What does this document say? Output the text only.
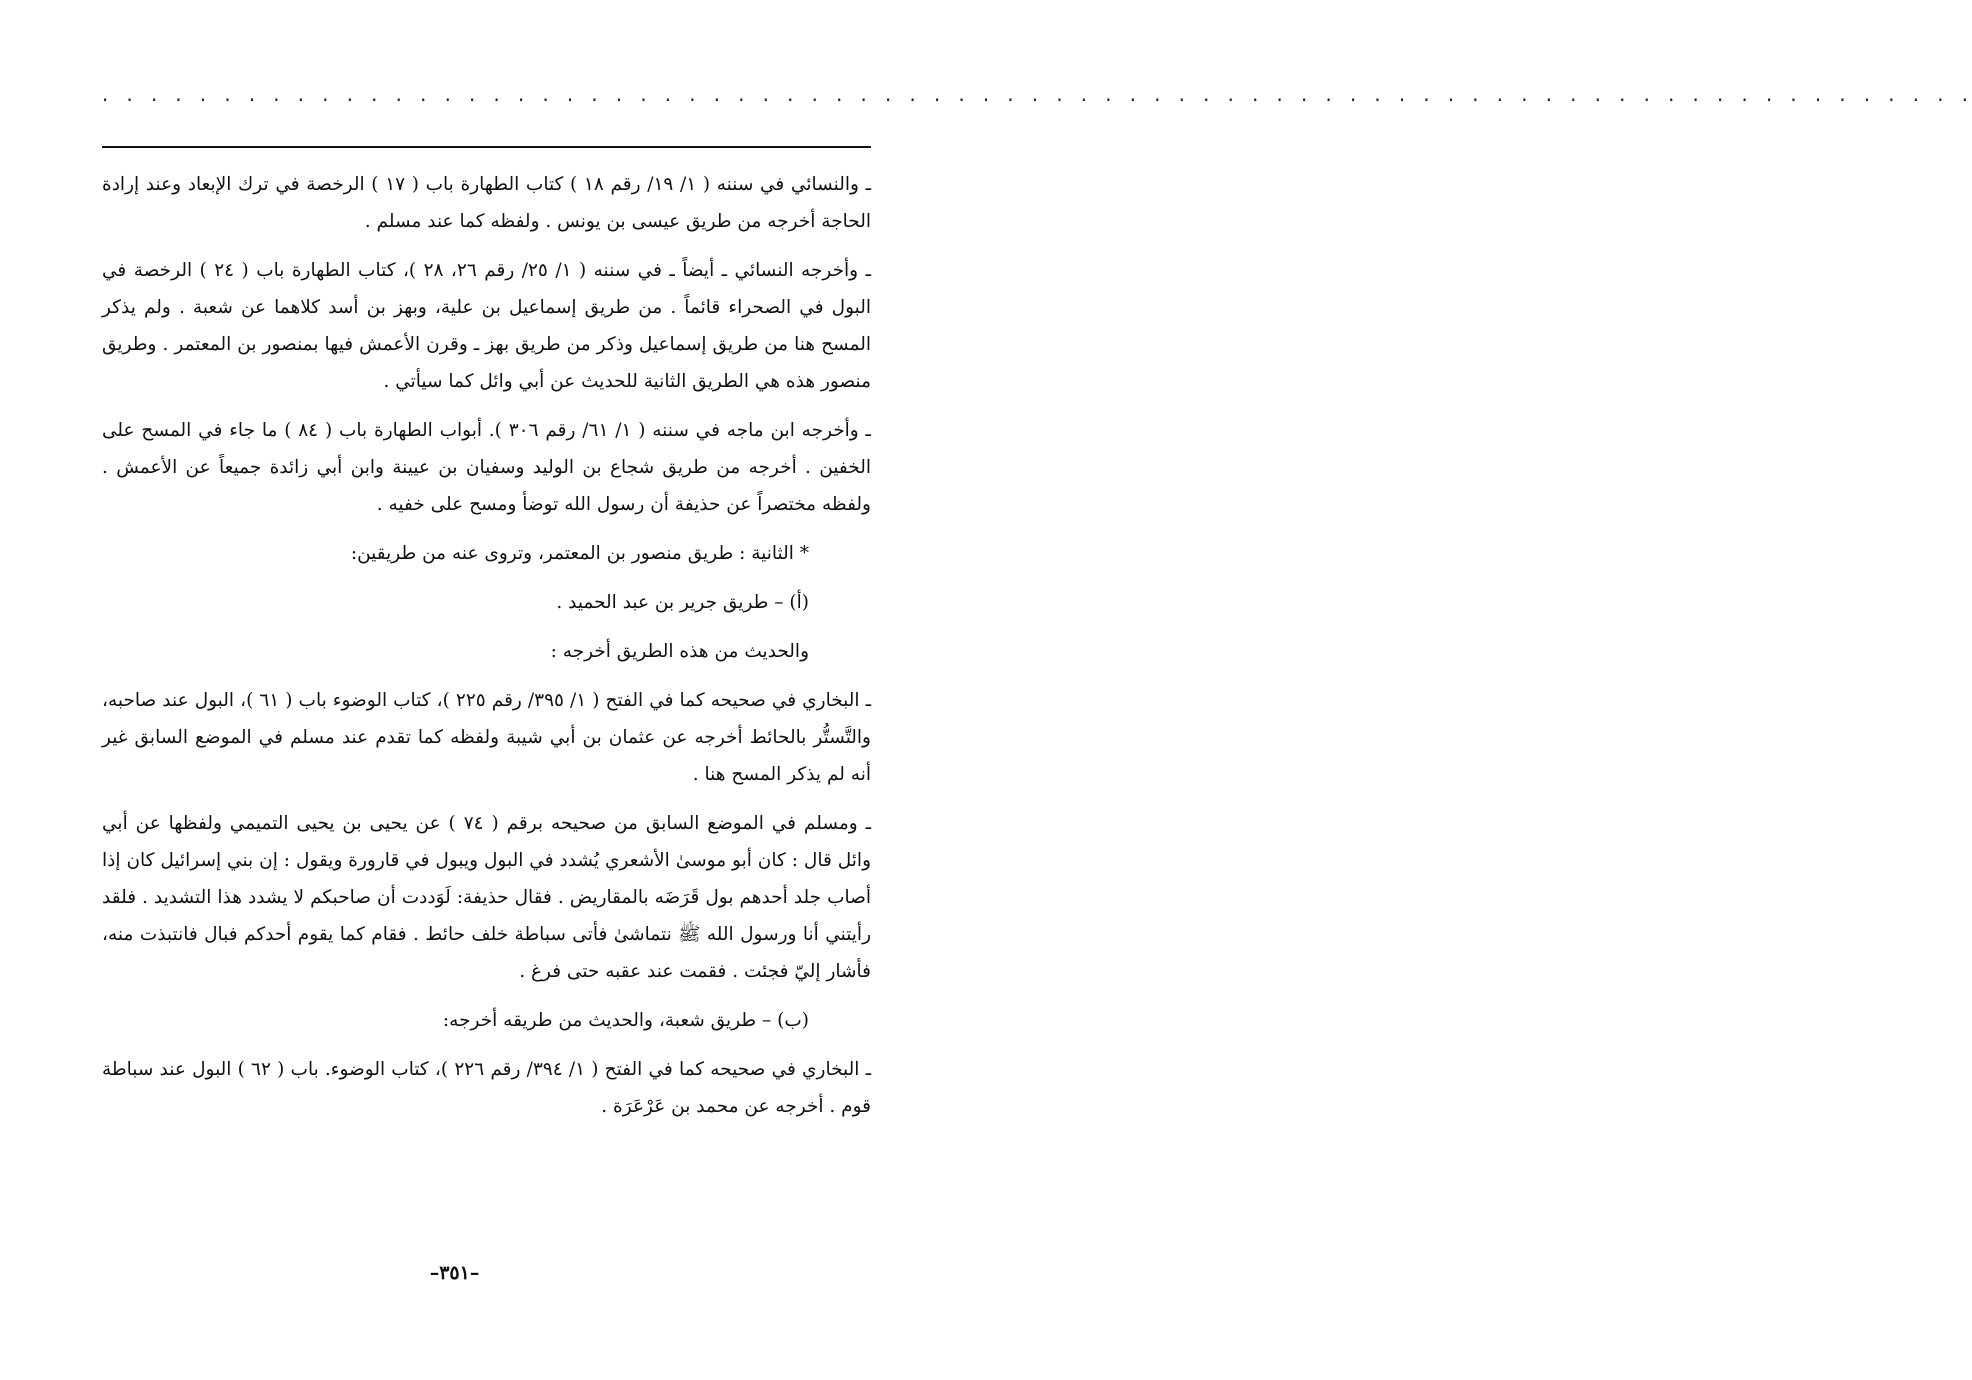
. . . . . . . . . . . . . . . . . . . . . . . . . . . . . . . . . . . . . . . . . . . . . . . . . . . . . . . . . . . . . . . . . . . . . . . . . . . . .

ـ والنسائي في سننه ( ١/ ١٩/ رقم ١٨ ) كتاب الطهارة باب ( ١٧ ) الرخصة في ترك الإبعاد وعند إرادة الحاجة أخرجه من طريق عيسى بن يونس . ولفظه كما عند مسلم .

ـ وأخرجه النسائي ـ أيضاً ـ في سننه ( ١/ ٢٥/ رقم ٢٦، ٢٨ )، كتاب الطهارة باب ( ٢٤ ) الرخصة في البول في الصحراء قائماً . من طريق إسماعيل بن علية، وبهز بن أسد كلاهما عن شعبة . ولم يذكر المسح هنا من طريق إسماعيل وذكر من طريق بهز ـ وقرن الأعمش فيها بمنصور بن المعتمر . وطريق منصور هذه هي الطريق الثانية للحديث عن أبي وائل كما سيأتي .

ـ وأخرجه ابن ماجه في سننه ( ١/ ٦١/ رقم ٣٠٦ ). أبواب الطهارة باب ( ٨٤ ) ما جاء في المسح على الخفين . أخرجه من طريق شجاع بن الوليد وسفيان بن عيينة وابن أبي زائدة جميعاً عن الأعمش . ولفظه مختصراً عن حذيفة أن رسول الله توضأ ومسح على خفيه .

* الثانية : طريق منصور بن المعتمر، وتروى عنه من طريقين:

(أ) – طريق جرير بن عبد الحميد .

والحديث من هذه الطريق أخرجه :

ـ البخاري في صحيحه كما في الفتح ( ١/ ٣٩٥/ رقم ٢٢٥ )، كتاب الوضوء باب ( ٦١ )، البول عند صاحبه، والتَّستُّر بالحائط أخرجه عن عثمان بن أبي شيبة ولفظه كما تقدم عند مسلم في الموضع السابق غير أنه لم يذكر المسح هنا .

ـ ومسلم في الموضع السابق من صحيحه برقم ( ٧٤ ) عن يحيى بن يحيى التميمي ولفظها عن أبي وائل قال : كان أبو موسىٰ الأشعري يُشدد في البول ويبول في قارورة ويقول : إن بني إسرائيل كان إذا أصاب جلد أحدهم بول قَرَضَه بالمقاريض . فقال حذيفة: لَوَددت أن صاحبكم لا يشدد هذا التشديد . فلقد رأيتني أنا ورسول الله ﷺ نتماشىٰ فأتى سباطة خلف حائط . فقام كما يقوم أحدكم فبال فانتبذت منه، فأشار إليّ فجئت . فقمت عند عقبه حتى فرغ .

(ب) – طريق شعبة، والحديث من طريقه أخرجه:

ـ البخاري في صحيحه كما في الفتح ( ١/ ٣٩٤/ رقم ٢٢٦ )، كتاب الوضوء. باب ( ٦٢ ) البول عند سباطة قوم . أخرجه عن محمد بن عَرْعَرَة .

–٣٥١–
